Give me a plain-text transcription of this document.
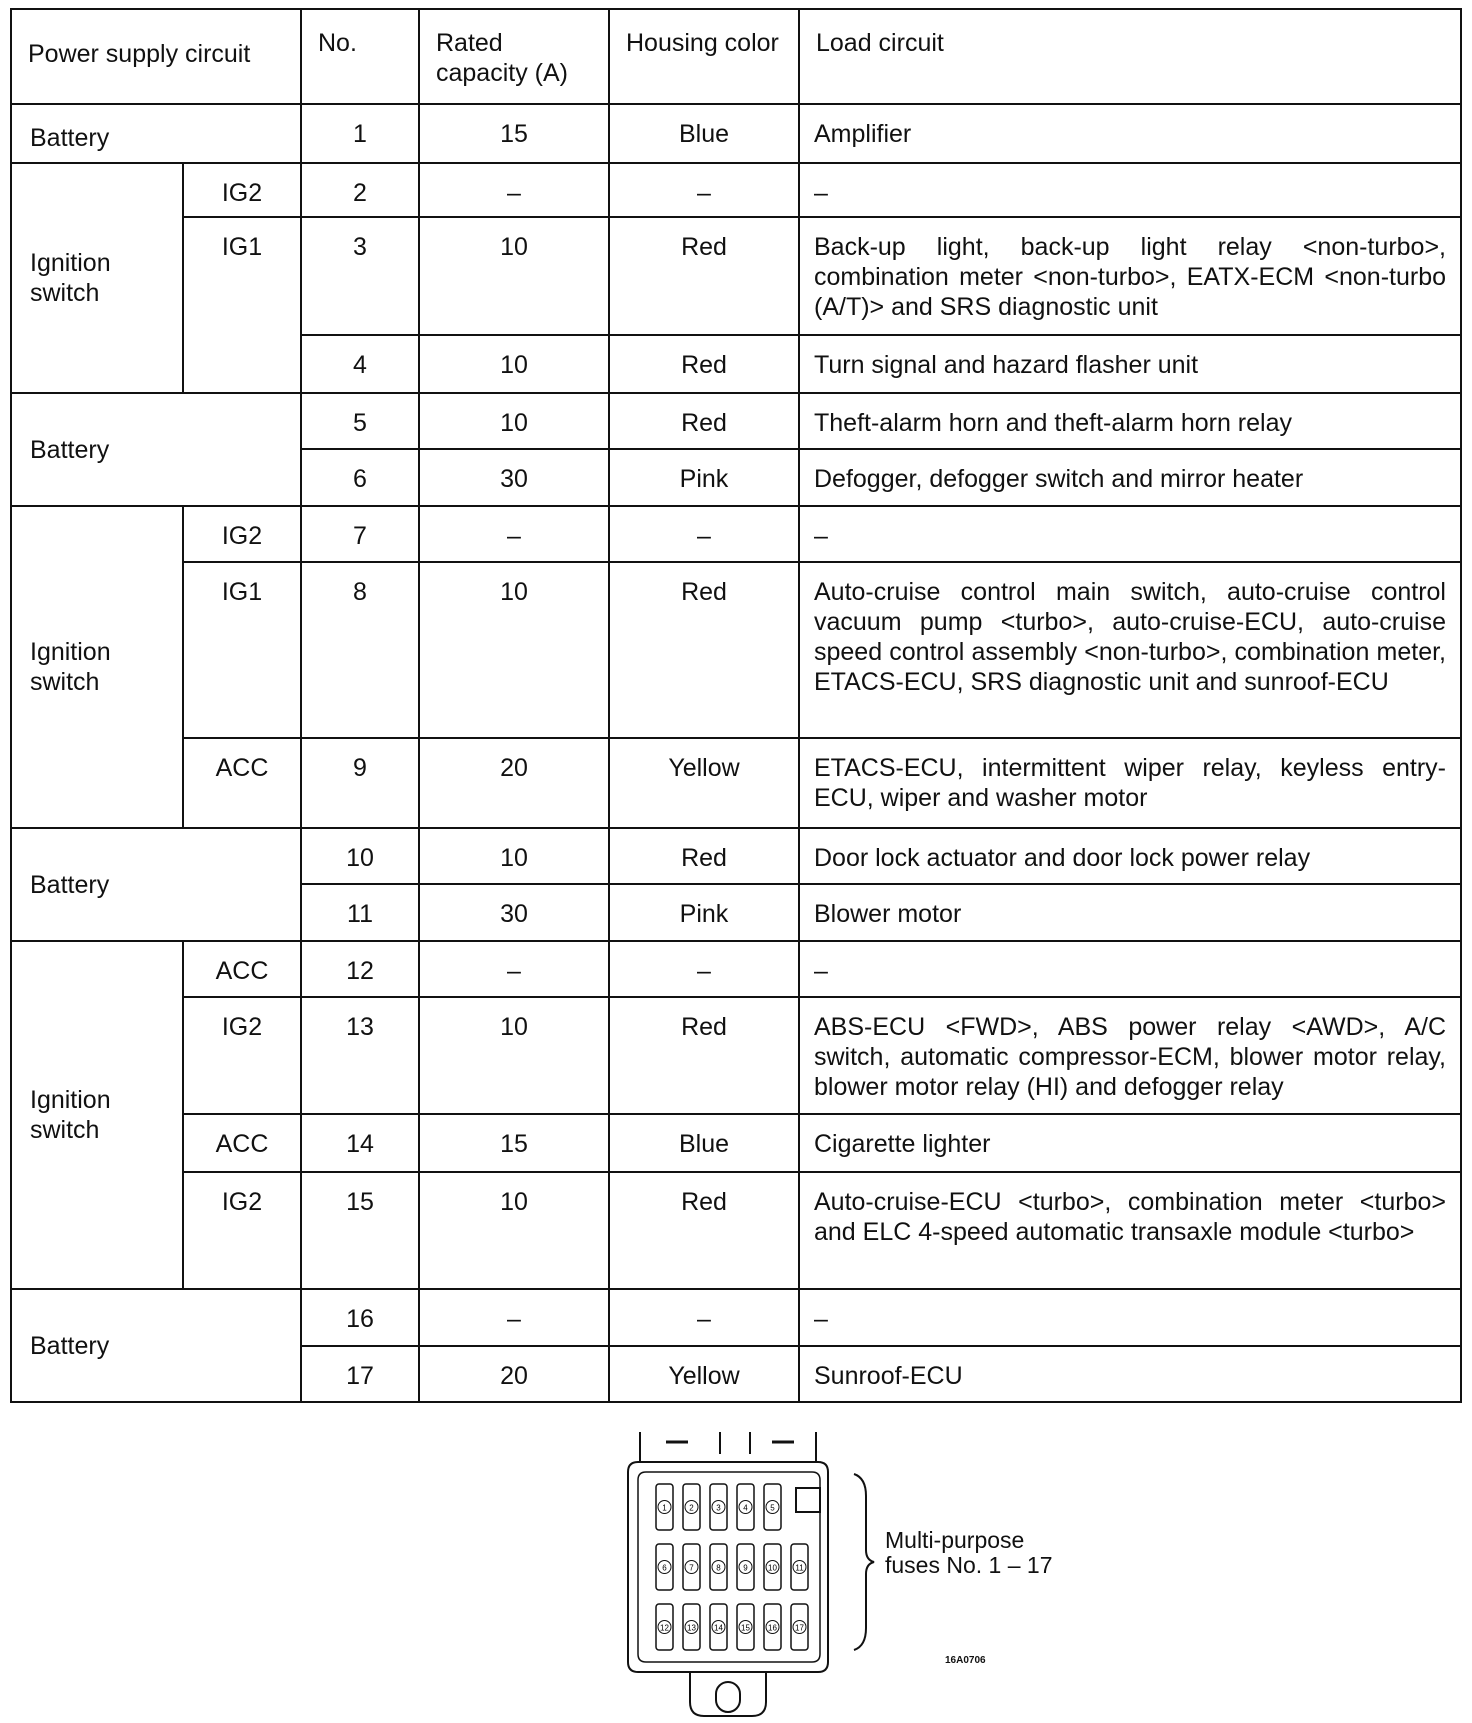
Power supply circuit		No.	Rated capacity (A)	Housing color	Load circuit
Battery		1	15	Blue	Amplifier
Ignition switch	IG2	2	–	–	–
	IG1	3	10	Red	Back-up light, back-up light relay <non-turbo>, combination meter <non-turbo>, EATX-ECM <non-turbo (A/T)> and SRS diagnostic unit
		4	10	Red	Turn signal and hazard flasher unit
Battery		5	10	Red	Theft-alarm horn and theft-alarm horn relay
		6	30	Pink	Defogger, defogger switch and mirror heater
Ignition switch	IG2	7	–	–	–
	IG1	8	10	Red	Auto-cruise control main switch, auto-cruise control vacuum pump <turbo>, auto-cruise-ECU, auto-cruise speed control assembly <non-turbo>, combination meter, ETACS-ECU, SRS diagnostic unit and sunroof-ECU
	ACC	9	20	Yellow	ETACS-ECU, intermittent wiper relay, keyless entry-ECU, wiper and washer motor
Battery		10	10	Red	Door lock actuator and door lock power relay
		11	30	Pink	Blower motor
Ignition switch	ACC	12	–	–	–
	IG2	13	10	Red	ABS-ECU <FWD>, ABS power relay <AWD>, A/C switch, automatic compressor-ECM, blower motor relay, blower motor relay (HI) and defogger relay
	ACC	14	15	Blue	Cigarette lighter
	IG2	15	10	Red	Auto-cruise-ECU <turbo>, combination meter <turbo> and ELC 4-speed automatic transaxle module <turbo>
Battery		16	–	–	–
		17	20	Yellow	Sunroof-ECU
1	2	3	4	5
6	7	8	9	10 11
12 13 14 15 16 17
Multi-purpose
fuses No. 1 – 17
16A0706
